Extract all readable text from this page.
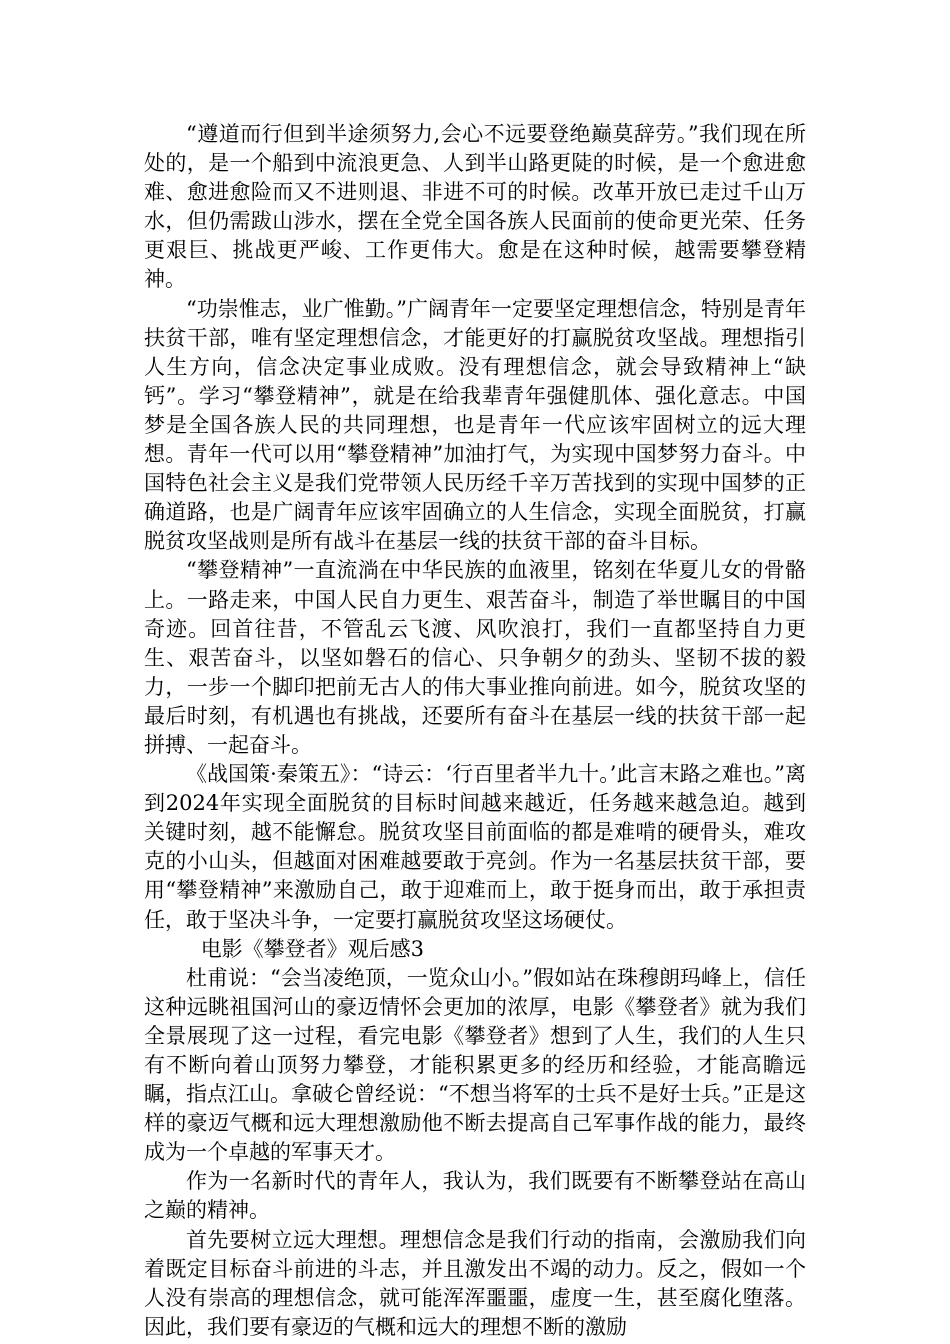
“遵道而行但到半途须努力,会心不远要登绝巅莫辞劳。”我们现在所处的，是一个船到中流浪更急、人到半山路更陡的时候，是一个愈进愈难、愈进愈险而又不进则退、非进不可的时候。改革开放已走过千山万水，但仍需跋山涉水，摆在全党全国各族人民面前的使命更光荣、任务更艰巨、挑战更严峻、工作更伟大。愈是在这种时候，越需要攀登精神。

“功崇惟志，业广惟勤。”广阔青年一定要坚定理想信念，特别是青年扶贫干部，唯有坚定理想信念，才能更好的打赢脱贫攻坚战。理想指引人生方向，信念决定事业成败。没有理想信念，就会导致精神上“缺钙”。学习“攀登精神”，就是在给我辈青年强健肌体、强化意志。中国梦是全国各族人民的共同理想，也是青年一代应该牢固树立的远大理想。青年一代可以用“攀登精神”加油打气，为实现中国梦努力奋斗。中国特色社会主义是我们党带领人民历经千辛万苦找到的实现中国梦的正确道路，也是广阔青年应该牢固确立的人生信念，实现全面脱贫，打赢脱贫攻坚战则是所有战斗在基层一线的扶贫干部的奋斗目标。

“攀登精神”一直流淌在中华民族的血液里，铭刻在华夏儿女的骨骼上。一路走来，中国人民自力更生、艰苦奋斗，制造了举世瞩目的中国奇迹。回首往昔，不管乱云飞渡、风吹浪打，我们一直都坚持自力更生、艰苦奋斗，以坚如磐石的信心、只争朝夕的劲头、坚韧不拔的毅力，一步一个脚印把前无古人的伟大事业推向前进。如今，脱贫攻坚的最后时刻，有机遇也有挑战，还要所有奋斗在基层一线的扶贫干部一起拼搏、一起奋斗。

《战国策·秦策五》：“诗云：‘行百里者半九十。’此言末路之难也。”离到2024年实现全面脱贫的目标时间越来越近，任务越来越急迫。越到关键时刻，越不能懈怠。脱贫攻坚目前面临的都是难啃的硬骨头，难攻克的小山头，但越面对困难越要敢于亮剑。作为一名基层扶贫干部，要用“攀登精神”来激励自己，敢于迎难而上，敢于挺身而出，敢于承担责任，敢于坚决斗争，一定要打赢脱贫攻坚这场硬仗。

电影《攀登者》观后感3

杜甫说：“会当凌绝顶，一览众山小。”假如站在珠穆朗玛峰上，信任这种远眺祖国河山的豪迈情怀会更加的浓厚，电影《攀登者》就为我们全景展现了这一过程，看完电影《攀登者》想到了人生，我们的人生只有不断向着山顶努力攀登，才能积累更多的经历和经验，才能高瞻远瞩，指点江山。拿破仑曾经说：“不想当将军的士兵不是好士兵。”正是这样的豪迈气概和远大理想激励他不断去提高自己军事作战的能力，最终成为一个卓越的军事天才。

作为一名新时代的青年人，我认为，我们既要有不断攀登站在高山之巅的精神。

首先要树立远大理想。理想信念是我们行动的指南，会激励我们向着既定目标奋斗前进的斗志，并且激发出不竭的动力。反之，假如一个人没有崇高的理想信念，就可能浑浑噩噩，虚度一生，甚至腐化堕落。因此，我们要有豪迈的气概和远大的理想不断的激励
